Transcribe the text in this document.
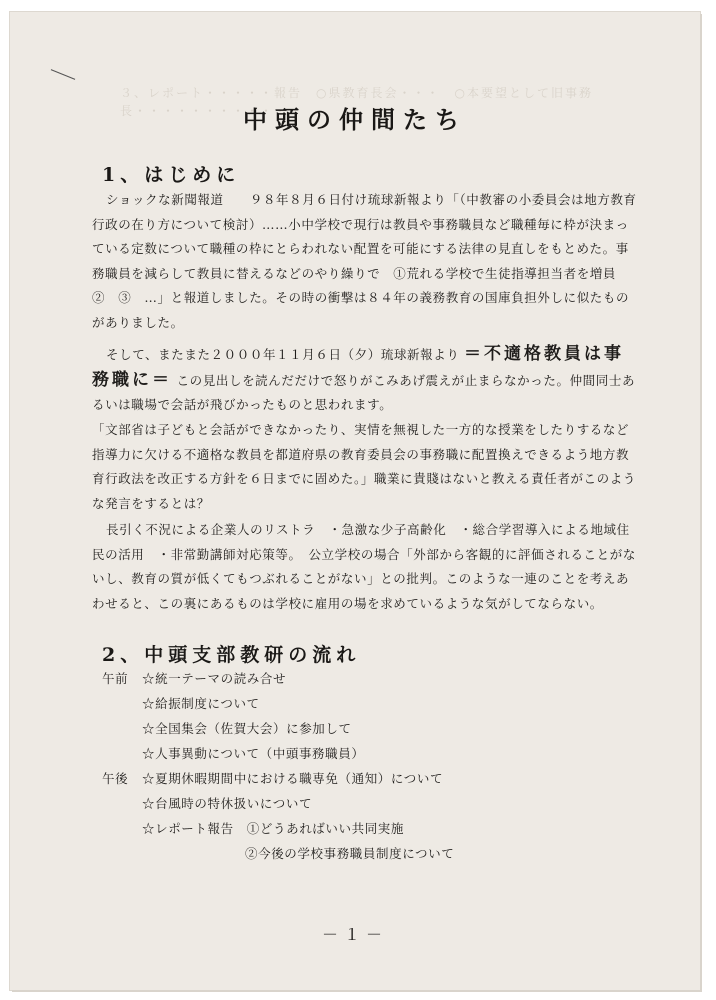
３、レポート・・・・・報告　○県教育長会・・・　○本要望として旧事務長・・・・・・・・・・・
中頭の仲間たち
1、はじめに
ショックな新聞報道　　９８年８月６日付け琉球新報より「（中教審の小委員会は地方教育行政の在り方について検討）……小中学校で現行は教員や事務職員など職種毎に枠が決まっている定数について職種の枠にとらわれない配置を可能にする法律の見直しをもとめた。事務職員を減らして教員に替えるなどのやり繰りで　①荒れる学校で生徒指導担当者を増員　②　③　…」と報道しました。その時の衝撃は８４年の義務教育の国庫負担外しに似たものがありました。
そして、またまた２０００年１１月６日（夕）琉球新報より ＝不適格教員は事務職に＝ この見出しを読んだだけで怒りがこみあげ震えが止まらなかった。仲間同士あるいは職場で会話が飛びかったものと思われます。
「文部省は子どもと会話ができなかったり、実情を無視した一方的な授業をしたりするなど指導力に欠ける不適格な教員を都道府県の教育委員会の事務職に配置換えできるよう地方教育行政法を改正する方針を６日までに固めた。」職業に貴賤はないと教える責任者がこのような発言をするとは？
長引く不況による企業人のリストラ　・急激な少子高齢化　・総合学習導入による地域住民の活用　・非常勤講師対応策等。　公立学校の場合「外部から客観的に評価されることがないし、教育の質が低くてもつぶれることがない」との批判。このような一連のことを考えあわせると、この裏にあるものは学校に雇用の場を求めているような気がしてならない。
2、中頭支部教研の流れ
午前	☆統一テーマの読み合せ
☆給振制度について
☆全国集会（佐賀大会）に参加して
☆人事異動について（中頭事務職員）
午後	☆夏期休暇期間中における職専免（通知）について
☆台風時の特休扱いについて
☆レポート報告　①どうあればいい共同実施
②今後の学校事務職員制度について
－１－
